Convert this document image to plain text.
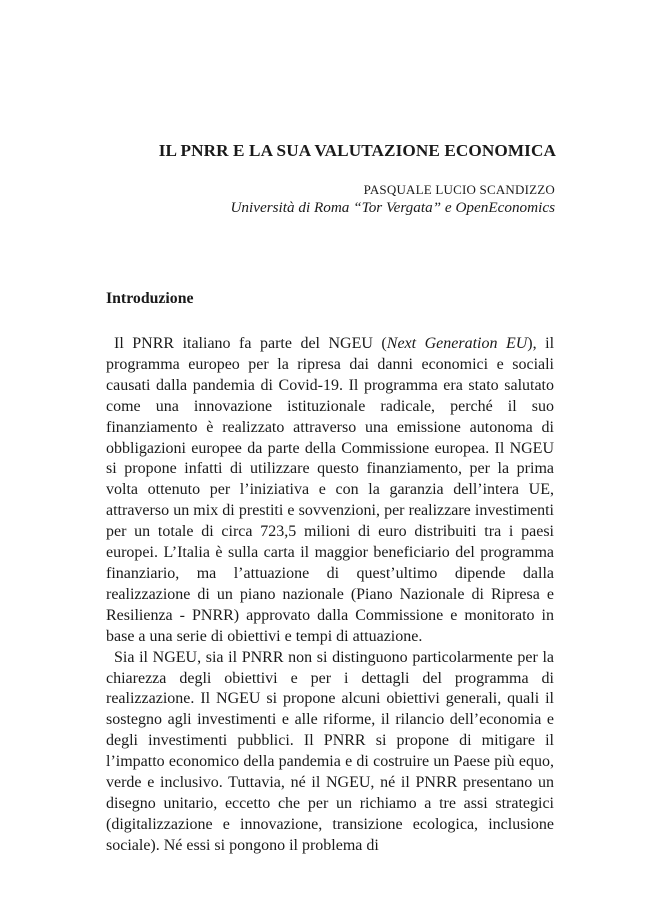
IL PNRR E LA SUA VALUTAZIONE ECONOMICA
PASQUALE LUCIO SCANDIZZO
Università di Roma “Tor Vergata” e OpenEconomics
Introduzione

Il PNRR italiano fa parte del NGEU (Next Generation EU), il programma europeo per la ripresa dai danni economici e sociali causati dalla pandemia di Covid-19. Il programma era stato salutato come una innovazione istituzionale radicale, perché il suo finanziamento è realizzato attraverso una emissione autonoma di obbligazioni europee da parte della Commissione europea. Il NGEU si propone infatti di utilizzare questo finanziamento, per la prima volta ottenuto per l’iniziativa e con la garanzia dell’intera UE, attraverso un mix di prestiti e sovvenzioni, per realizzare investimenti per un totale di circa 723,5 milioni di euro distribuiti tra i paesi europei. L’Italia è sulla carta il maggior beneficiario del programma finanziario, ma l’attuazione di quest’ultimo dipende dalla realizzazione di un piano nazionale (Piano Nazionale di Ripresa e Resilienza - PNRR) approvato dalla Commissione e monitorato in base a una serie di obiettivi e tempi di attuazione.

Sia il NGEU, sia il PNRR non si distinguono particolarmente per la chiarezza degli obiettivi e per i dettagli del programma di realizzazione. Il NGEU si propone alcuni obiettivi generali, quali il sostegno agli investimenti e alle riforme, il rilancio dell’economia e degli investimenti pubblici. Il PNRR si propone di mitigare il l’impatto economico della pandemia e di costruire un Paese più equo, verde e inclusivo. Tuttavia, né il NGEU, né il PNRR presentano un disegno unitario, eccetto che per un richiamo a tre assi strategici (digitalizzazione e innovazione, transizione ecologica, inclusione sociale). Né essi si pongono il problema di
